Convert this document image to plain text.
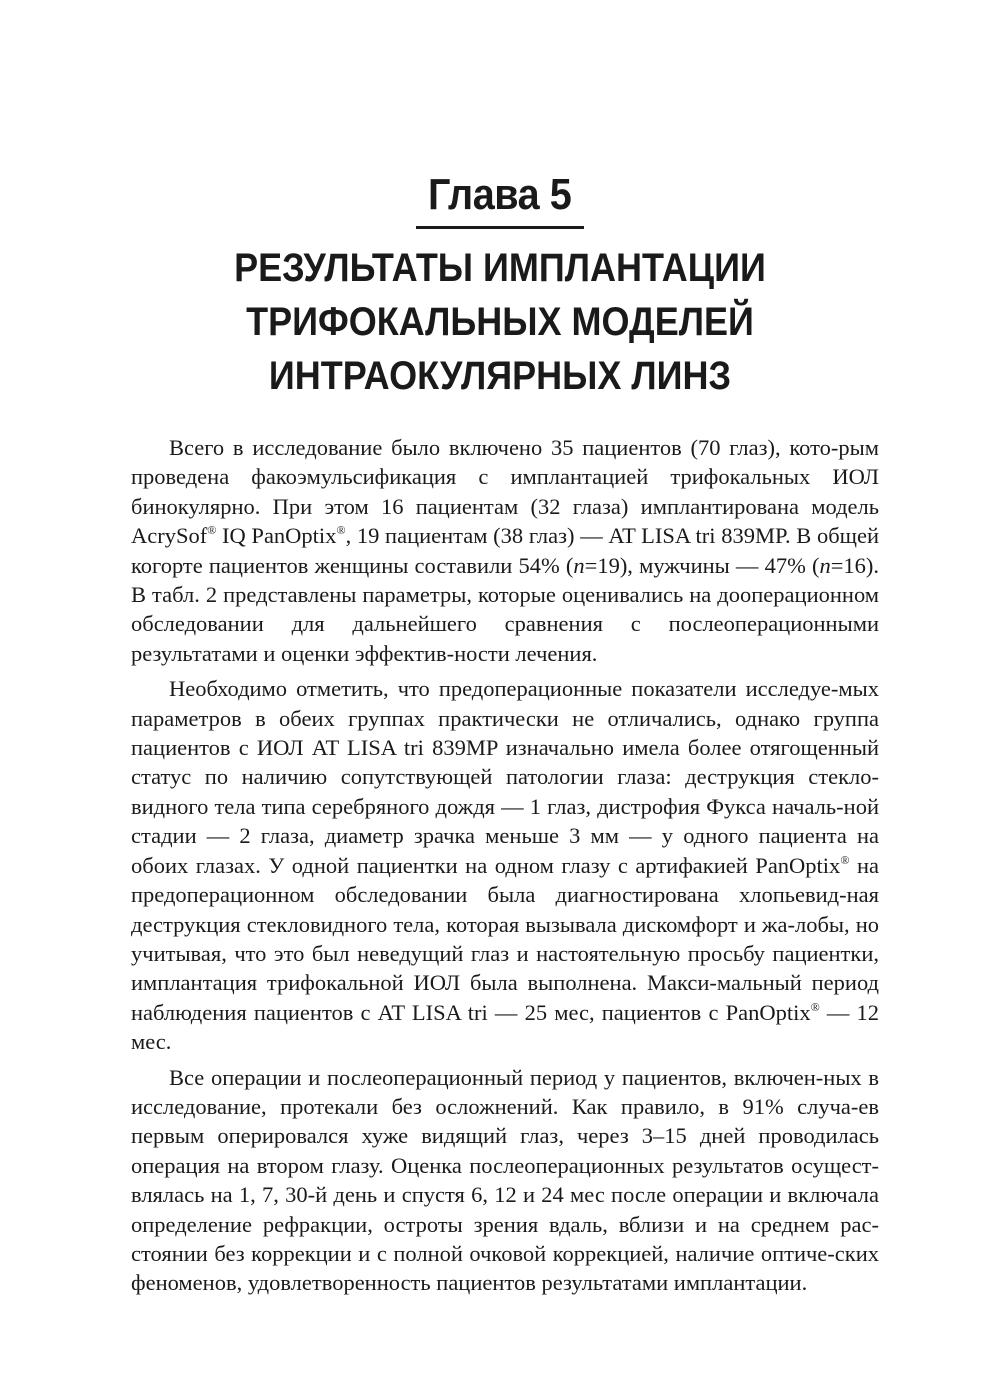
Глава 5
РЕЗУЛЬТАТЫ ИМПЛАНТАЦИИ
ТРИФОКАЛЬНЫХ МОДЕЛЕЙ
ИНТРАОКУЛЯРНЫХ ЛИНЗ

Всего в исследование было включено 35 пациентов (70 глаз), кото-рым проведена факоэмульсификация с имплантацией трифокальных ИОЛ бинокулярно. При этом 16 пациентам (32 глаза) имплантирована модель AcrySof® IQ PanOptix®, 19 пациентам (38 глаз) — AT LISA tri 839MP. В общей когорте пациентов женщины составили 54% (n=19), мужчины — 47% (n=16). В табл. 2 представлены параметры, которые оценивались на дооперационном обследовании для дальнейшего сравнения с послеоперационными результатами и оценки эффектив-ности лечения.

Необходимо отметить, что предоперационные показатели исследуе-мых параметров в обеих группах практически не отличались, однако группа пациентов с ИОЛ AT LISA tri 839MP изначально имела более отягощенный статус по наличию сопутствующей патологии глаза: деструкция стекло-видного тела типа серебряного дождя — 1 глаз, дистрофия Фукса началь-ной стадии — 2 глаза, диаметр зрачка меньше 3 мм — у одного пациента на обоих глазах. У одной пациентки на одном глазу с артифакией PanOptix® на предоперационном обследовании была диагностирована хлопьевид-ная деструкция стекловидного тела, которая вызывала дискомфорт и жа-лобы, но учитывая, что это был неведущий глаз и настоятельную просьбу пациентки, имплантация трифокальной ИОЛ была выполнена. Макси-мальный период наблюдения пациентов с AT LISA tri — 25 мес, пациентов с PanOptix® — 12 мес.

Все операции и послеоперационный период у пациентов, включен-ных в исследование, протекали без осложнений. Как правило, в 91% случа-ев первым оперировался хуже видящий глаз, через 3–15 дней проводилась операция на втором глазу. Оценка послеоперационных результатов осущест-влялась на 1, 7, 30-й день и спустя 6, 12 и 24 мес после операции и включала определение рефракции, остроты зрения вдаль, вблизи и на среднем рас-стоянии без коррекции и с полной очковой коррекцией, наличие оптиче-ских феноменов, удовлетворенность пациентов результатами имплантации.
